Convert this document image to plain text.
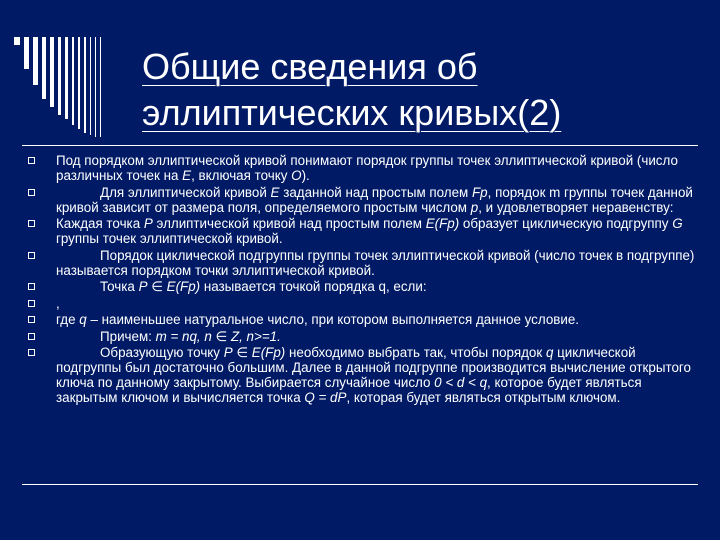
Общие сведения об
эллиптических кривых(2)
Под порядком эллиптической кривой понимают порядок группы точек эллиптической кривой (число различных точек на E, включая точку O).
Для эллиптической кривой E заданной над простым полем Fp, порядок m группы точек данной кривой зависит от размера поля, определяемого простым числом p, и удовлетворяет неравенству:
Каждая точка P эллиптической кривой над простым полем E(Fp) образует циклическую подгруппу G группы точек эллиптической кривой.
Порядок циклической подгруппы группы точек эллиптической кривой (число точек в подгруппе) называется порядком точки эллиптической кривой.
Точка P ∈ E(Fp) называется точкой порядка q, если:
,
где q – наименьшее натуральное число, при котором выполняется данное условие.
Причем: m = nq, n ∈ Z, n>=1.
Образующую точку P ∈ E(Fp) необходимо выбрать так, чтобы порядок q циклической подгруппы был достаточно большим. Далее в данной подгруппе производится вычисление открытого ключа по данному закрытому. Выбирается случайное число 0 < d < q, которое будет являться закрытым ключом и вычисляется точка Q = dP, которая будет являться открытым ключом.
